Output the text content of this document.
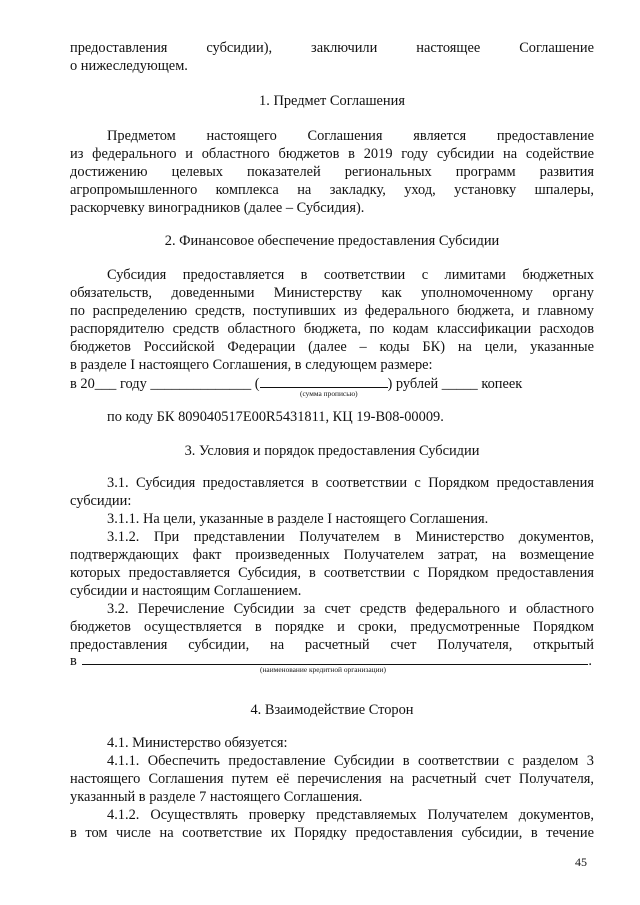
предоставления субсидии), заключили настоящее Соглашение
о нижеследующем.
1. Предмет Соглашения
Предметом настоящего Соглашения является предоставление
из федерального и областного бюджетов в 2019 году субсидии на содействие
достижению целевых показателей региональных программ развития
агропромышленного комплекса на закладку, уход, установку шпалеры,
раскорчевку виноградников (далее – Субсидия).
2. Финансовое обеспечение предоставления Субсидии
Субсидия предоставляется в соответствии с лимитами бюджетных
обязательств, доведенными Министерству как уполномоченному органу
по распределению средств, поступивших из федерального бюджета, и главному
распорядителю средств областного бюджета, по кодам классификации расходов
бюджетов Российской Федерации (далее – коды БК) на цели, указанные
в разделе I настоящего Соглашения, в следующем размере:
в 20___ году ______________ (	) рублей _____ копеек
(сумма прописью)
по коду БК 809040517E00R5431811, КЦ 19-B08-00009.
3. Условия и порядок предоставления Субсидии
3.1. Субсидия предоставляется в соответствии с Порядком предоставления
субсидии:
3.1.1. На цели, указанные в разделе I настоящего Соглашения.
3.1.2. При представлении Получателем в Министерство документов,
подтверждающих факт произведенных Получателем затрат, на возмещение
которых предоставляется Субсидия, в соответствии с Порядком предоставления
субсидии и настоящим Соглашением.
3.2. Перечисление Субсидии за счет средств федерального и областного
бюджетов осуществляется в порядке и сроки, предусмотренные Порядком
предоставления субсидии, на расчетный счет Получателя, открытый
в	.
(наименование кредитной организации)
4. Взаимодействие Сторон
4.1. Министерство обязуется:
4.1.1. Обеспечить предоставление Субсидии в соответствии с разделом 3
настоящего Соглашения путем её перечисления на расчетный счет Получателя,
указанный в разделе 7 настоящего Соглашения.
4.1.2. Осуществлять проверку представляемых Получателем документов,
в том числе на соответствие их Порядку предоставления субсидии, в течение
45
